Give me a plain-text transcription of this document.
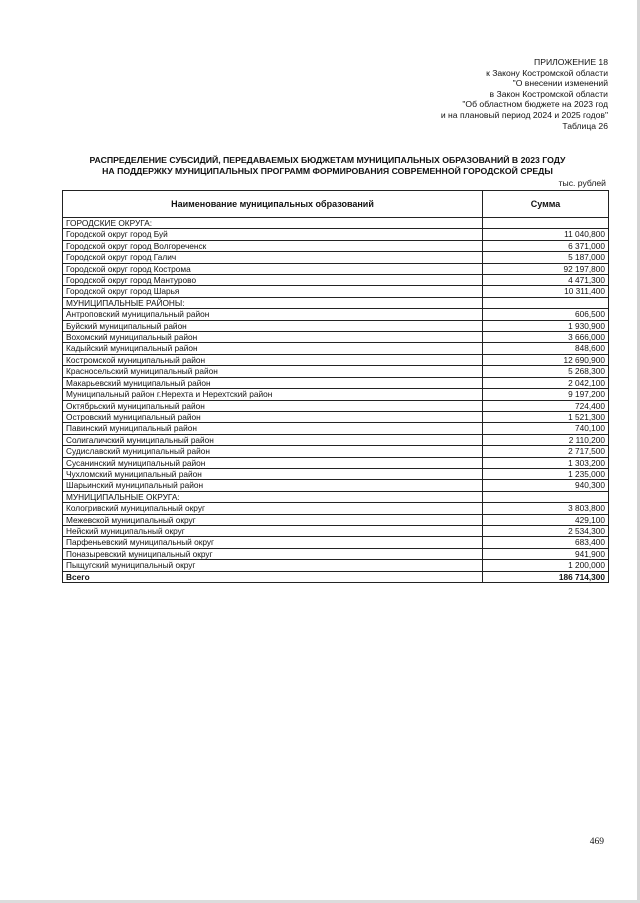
ПРИЛОЖЕНИЕ 18
к Закону Костромской области
"О внесении изменений
в Закон Костромской области
"Об областном бюджете на 2023 год
и на плановый период 2024 и 2025 годов"
Таблица 26
РАСПРЕДЕЛЕНИЕ СУБСИДИЙ, ПЕРЕДАВАЕМЫХ БЮДЖЕТАМ МУНИЦИПАЛЬНЫХ ОБРАЗОВАНИЙ В 2023 ГОДУ
НА ПОДДЕРЖКУ МУНИЦИПАЛЬНЫХ ПРОГРАММ ФОРМИРОВАНИЯ СОВРЕМЕННОЙ ГОРОДСКОЙ СРЕДЫ
тыс. рублей
Наименование муниципальных образований	Сумма
ГОРОДСКИЕ ОКРУГА:	
Городской округ город Буй	11 040,800
Городской округ город Волгореченск	6 371,000
Городской округ город Галич	5 187,000
Городской округ город Кострома	92 197,800
Городской округ город Мантурово	4 471,300
Городской округ город Шарья	10 311,400
МУНИЦИПАЛЬНЫЕ РАЙОНЫ:	
Антроповский муниципальный район	606,500
Буйский муниципальный район	1 930,900
Вохомский муниципальный район	3 666,000
Кадыйский муниципальный район	848,600
Костромской муниципальный район	12 690,900
Красносельский муниципальный район	5 268,300
Макарьевский муниципальный район	2 042,100
Муниципальный район г.Нерехта и Нерехтский район	9 197,200
Октябрьский муниципальный район	724,400
Островский муниципальный район	1 521,300
Павинский муниципальный район	740,100
Солигаличский муниципальный район	2 110,200
Судиславский муниципальный район	2 717,500
Сусанинский муниципальный район	1 303,200
Чухломский муниципальный район	1 235,000
Шарьинский муниципальный район	940,300
МУНИЦИПАЛЬНЫЕ ОКРУГА:	
Кологривский муниципальный округ	3 803,800
Межевской муниципальный округ	429,100
Нейский муниципальный округ	2 534,300
Парфеньевский муниципальный округ	683,400
Поназыревский муниципальный округ	941,900
Пыщугский муниципальный округ	1 200,000
Всего	186 714,300
469
